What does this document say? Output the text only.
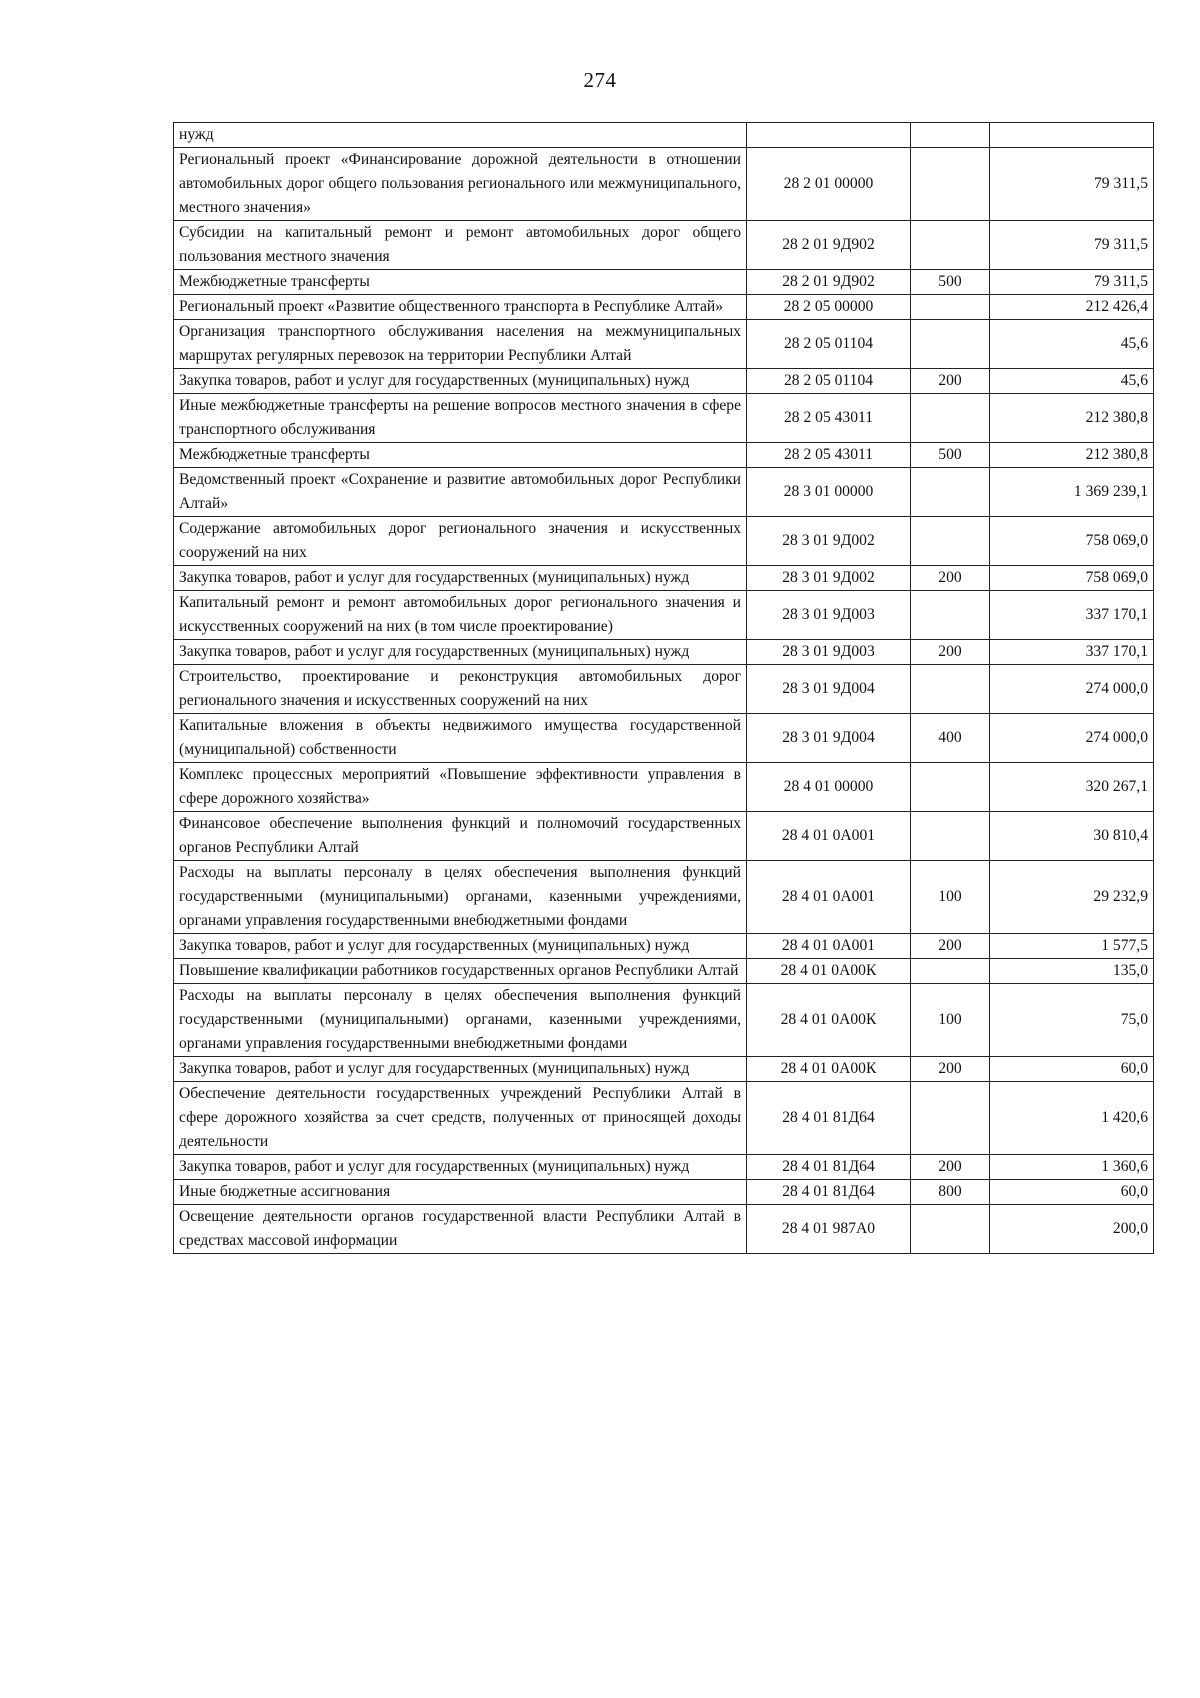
274
нужд			
Региональный проект «Финансирование дорожной деятельности в отношении автомобильных дорог общего пользования регионального или межмуниципального, местного значения»	28 2 01 00000		79 311,5
Субсидии на капитальный ремонт и ремонт автомобильных дорог общего пользования местного значения	28 2 01 9Д902		79 311,5
Межбюджетные трансферты	28 2 01 9Д902	500	79 311,5
Региональный проект «Развитие общественного транспорта в Республике Алтай»	28 2 05 00000		212 426,4
Организация транспортного обслуживания населения на межмуниципальных маршрутах регулярных перевозок на территории Республики Алтай	28 2 05 01104		45,6
Закупка товаров, работ и услуг для государственных (муниципальных) нужд	28 2 05 01104	200	45,6
Иные межбюджетные трансферты на решение вопросов местного значения в сфере транспортного обслуживания	28 2 05 43011		212 380,8
Межбюджетные трансферты	28 2 05 43011	500	212 380,8
Ведомственный проект «Сохранение и развитие автомобильных дорог Республики Алтай»	28 3 01 00000		1 369 239,1
Содержание автомобильных дорог регионального значения и искусственных сооружений на них	28 3 01 9Д002		758 069,0
Закупка товаров, работ и услуг для государственных (муниципальных) нужд	28 3 01 9Д002	200	758 069,0
Капитальный ремонт и ремонт автомобильных дорог регионального значения и искусственных сооружений на них (в том числе проектирование)	28 3 01 9Д003		337 170,1
Закупка товаров, работ и услуг для государственных (муниципальных) нужд	28 3 01 9Д003	200	337 170,1
Строительство, проектирование и реконструкция автомобильных дорог регионального значения и искусственных сооружений на них	28 3 01 9Д004		274 000,0
Капитальные вложения в объекты недвижимого имущества государственной (муниципальной) собственности	28 3 01 9Д004	400	274 000,0
Комплекс процессных мероприятий «Повышение эффективности управления в сфере дорожного хозяйства»	28 4 01 00000		320 267,1
Финансовое обеспечение выполнения функций и полномочий государственных органов Республики Алтай	28 4 01 0А001		30 810,4
Расходы на выплаты персоналу в целях обеспечения выполнения функций государственными (муниципальными) органами, казенными учреждениями, органами управления государственными внебюджетными фондами	28 4 01 0А001	100	29 232,9
Закупка товаров, работ и услуг для государственных (муниципальных) нужд	28 4 01 0А001	200	1 577,5
Повышение квалификации работников государственных органов Республики Алтай	28 4 01 0А00К		135,0
Расходы на выплаты персоналу в целях обеспечения выполнения функций государственными (муниципальными) органами, казенными учреждениями, органами управления государственными внебюджетными фондами	28 4 01 0А00К	100	75,0
Закупка товаров, работ и услуг для государственных (муниципальных) нужд	28 4 01 0А00К	200	60,0
Обеспечение деятельности государственных учреждений Республики Алтай в сфере дорожного хозяйства за счет средств, полученных от приносящей доходы деятельности	28 4 01 81Д64		1 420,6
Закупка товаров, работ и услуг для государственных (муниципальных) нужд	28 4 01 81Д64	200	1 360,6
Иные бюджетные ассигнования	28 4 01 81Д64	800	60,0
Освещение деятельности органов государственной власти Республики Алтай в средствах массовой информации	28 4 01 987А0		200,0
